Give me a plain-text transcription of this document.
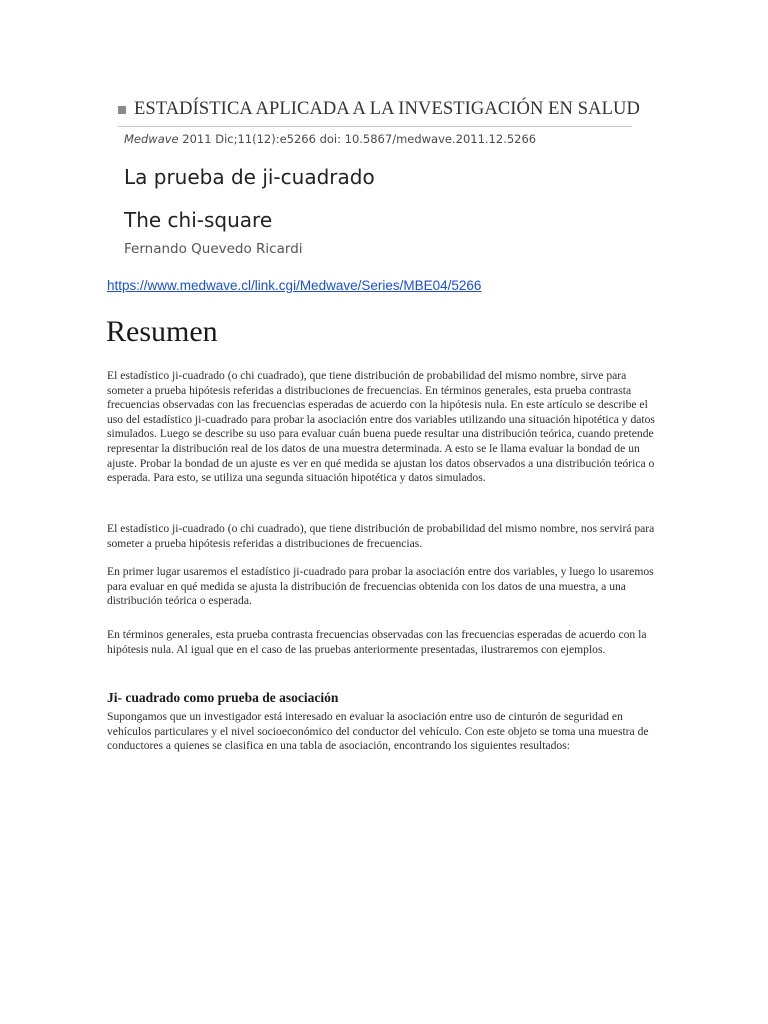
ESTADÍSTICA APLICADA A LA INVESTIGACIÓN EN SALUD
Medwave 2011 Dic;11(12):e5266 doi: 10.5867/medwave.2011.12.5266
La prueba de ji-cuadrado
The chi-square
Fernando Quevedo Ricardi
https://www.medwave.cl/link.cgi/Medwave/Series/MBE04/5266
Resumen

El estadístico ji-cuadrado (o chi cuadrado), que tiene distribución de probabilidad del mismo nombre, sirve para someter a prueba hipótesis referidas a distribuciones de frecuencias. En términos generales, esta prueba contrasta frecuencias observadas con las frecuencias esperadas de acuerdo con la hipótesis nula. En este artículo se describe el uso del estadístico ji-cuadrado para probar la asociación entre dos variables utilizando una situación hipotética y datos simulados. Luego se describe su uso para evaluar cuán buena puede resultar una distribución teórica, cuando pretende representar la distribución real de los datos de una muestra determinada. A esto se le llama evaluar la bondad de un ajuste. Probar la bondad de un ajuste es ver en qué medida se ajustan los datos observados a una distribución teórica o esperada. Para esto, se utiliza una segunda situación hipotética y datos simulados.

El estadístico ji-cuadrado (o chi cuadrado), que tiene distribución de probabilidad del mismo nombre, nos servirá para someter a prueba hipótesis referidas a distribuciones de frecuencias.

En primer lugar usaremos el estadístico ji-cuadrado para probar la asociación entre dos variables, y luego lo usaremos para evaluar en qué medida se ajusta la distribución de frecuencias obtenida con los datos de una muestra, a una distribución teórica o esperada.

En términos generales, esta prueba contrasta frecuencias observadas con las frecuencias esperadas de acuerdo con la hipótesis nula. Al igual que en el caso de las pruebas anteriormente presentadas, ilustraremos con ejemplos.

Ji- cuadrado como prueba de asociación

Supongamos que un investigador está interesado en evaluar la asociación entre uso de cinturón de seguridad en vehículos particulares y el nivel socioeconómico del conductor del vehículo. Con este objeto se toma una muestra de conductores a quienes se clasifica en una tabla de asociación, encontrando los siguientes resultados:
